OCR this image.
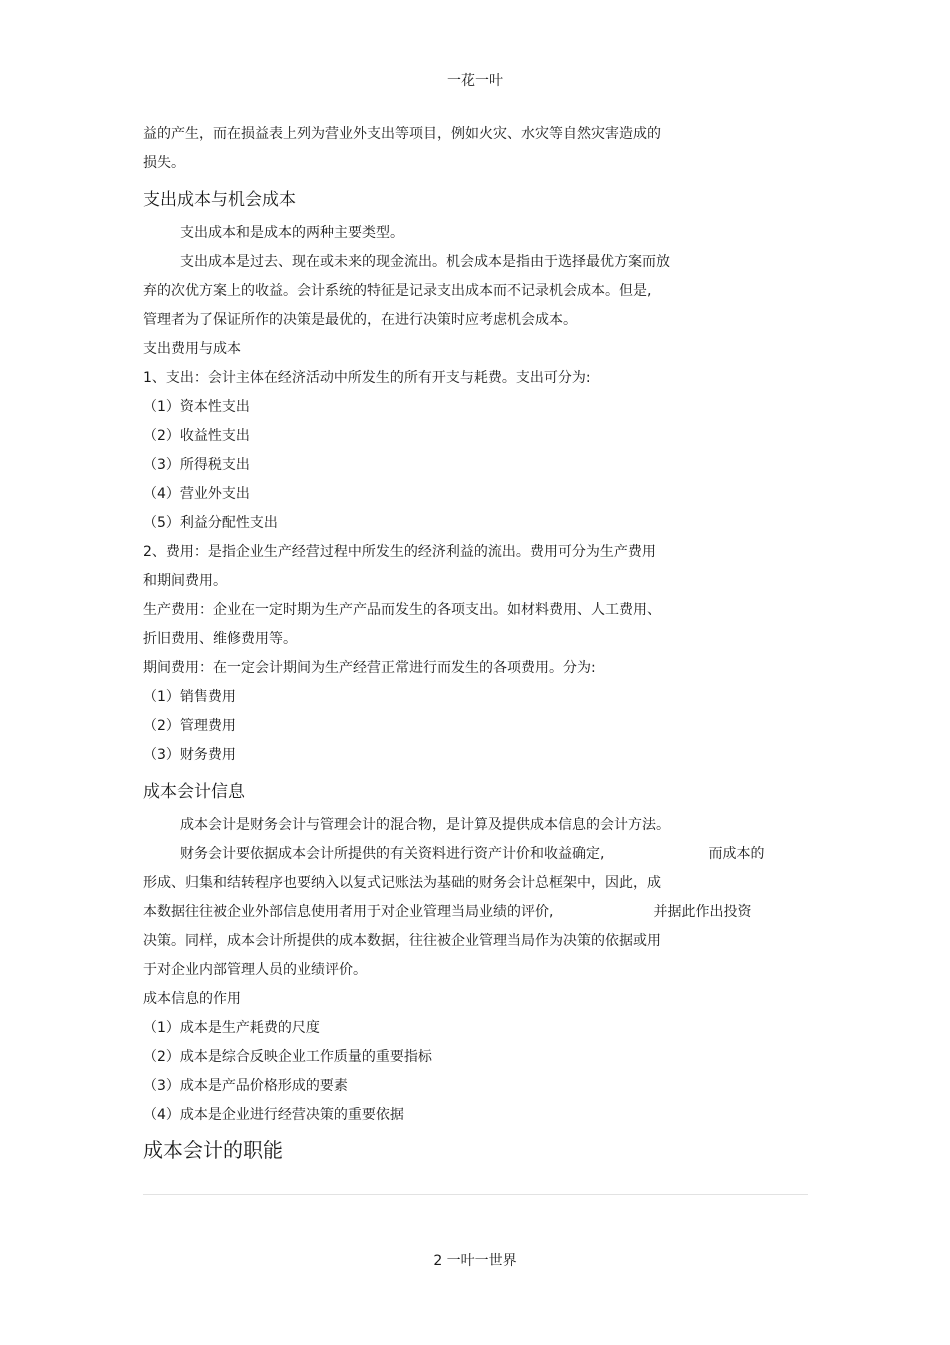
一花一叶
益的产生，而在损益表上列为营业外支出等项目，例如火灾、水灾等自然灾害造成的
损失。
支出成本与机会成本
支出成本和是成本的两种主要类型。
支出成本是过去、现在或未来的现金流出。机会成本是指由于选择最优方案而放
弃的次优方案上的收益。会计系统的特征是记录支出成本而不记录机会成本。但是,
管理者为了保证所作的决策是最优的，在进行决策时应考虑机会成本。
支出费用与成本
1、支出：会计主体在经济活动中所发生的所有开支与耗费。支出可分为:
（1）资本性支出
（2）收益性支出
（3）所得税支出
（4）营业外支出
（5）利益分配性支出
2、费用：是指企业生产经营过程中所发生的经济利益的流出。费用可分为生产费用
和期间费用。
生产费用：企业在一定时期为生产产品而发生的各项支出。如材料费用、人工费用、
折旧费用、维修费用等。
期间费用：在一定会计期间为生产经营正常进行而发生的各项费用。分为:
（1）销售费用
（2）管理费用
（3）财务费用
成本会计信息
成本会计是财务会计与管理会计的混合物，是计算及提供成本信息的会计方法。
财务会计要依据成本会计所提供的有关资料进行资产计价和收益确定,	而成本的
形成、归集和结转程序也要纳入以复式记账法为基础的财务会计总框架中，因此，成
本数据往往被企业外部信息使用者用于对企业管理当局业绩的评价,	并据此作出投资
决策。同样，成本会计所提供的成本数据，往往被企业管理当局作为决策的依据或用
于对企业内部管理人员的业绩评价。
成本信息的作用
（1）成本是生产耗费的尺度
（2）成本是综合反映企业工作质量的重要指标
（3）成本是产品价格形成的要素
（4）成本是企业进行经营决策的重要依据
成本会计的职能
2 一叶一世界
